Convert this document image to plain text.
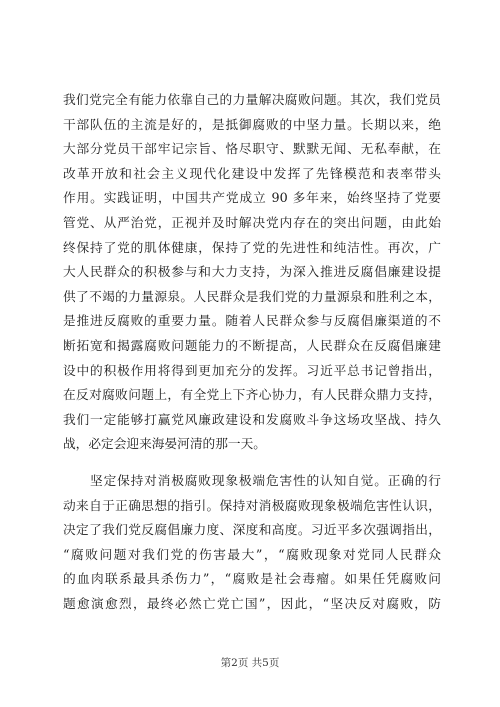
我们党完全有能力依靠自己的力量解决腐败问题。其次，我们党员
干部队伍的主流是好的，是抵御腐败的中坚力量。长期以来，绝
大部分党员干部牢记宗旨、恪尽职守、默默无闻、无私奉献，在
改革开放和社会主义现代化建设中发挥了先锋模范和表率带头
作用。实践证明，中国共产党成立 90 多年来，始终坚持了党要
管党、从严治党，正视并及时解决党内存在的突出问题，由此始
终保持了党的肌体健康，保持了党的先进性和纯洁性。再次，广
大人民群众的积极参与和大力支持，为深入推进反腐倡廉建设提
供了不竭的力量源泉。人民群众是我们党的力量源泉和胜利之本，
是推进反腐败的重要力量。随着人民群众参与反腐倡廉渠道的不
断拓宽和揭露腐败问题能力的不断提高，人民群众在反腐倡廉建
设中的积极作用将得到更加充分的发挥。习近平总书记曾指出，
在反对腐败问题上，有全党上下齐心协力，有人民群众鼎力支持，
我们一定能够打赢党风廉政建设和发腐败斗争这场攻坚战、持久
战，必定会迎来海晏河清的那一天。
　　坚定保持对消极腐败现象极端危害性的认知自觉。正确的行
动来自于正确思想的指引。保持对消极腐败现象极端危害性认识，
决定了我们党反腐倡廉力度、深度和高度。习近平多次强调指出，
“腐败问题对我们党的伤害最大”，“腐败现象对党同人民群众
的血肉联系最具杀伤力”，“腐败是社会毒瘤。如果任凭腐败问
题愈演愈烈，最终必然亡党亡国”，因此，“坚决反对腐败，防
第2页 共5页
